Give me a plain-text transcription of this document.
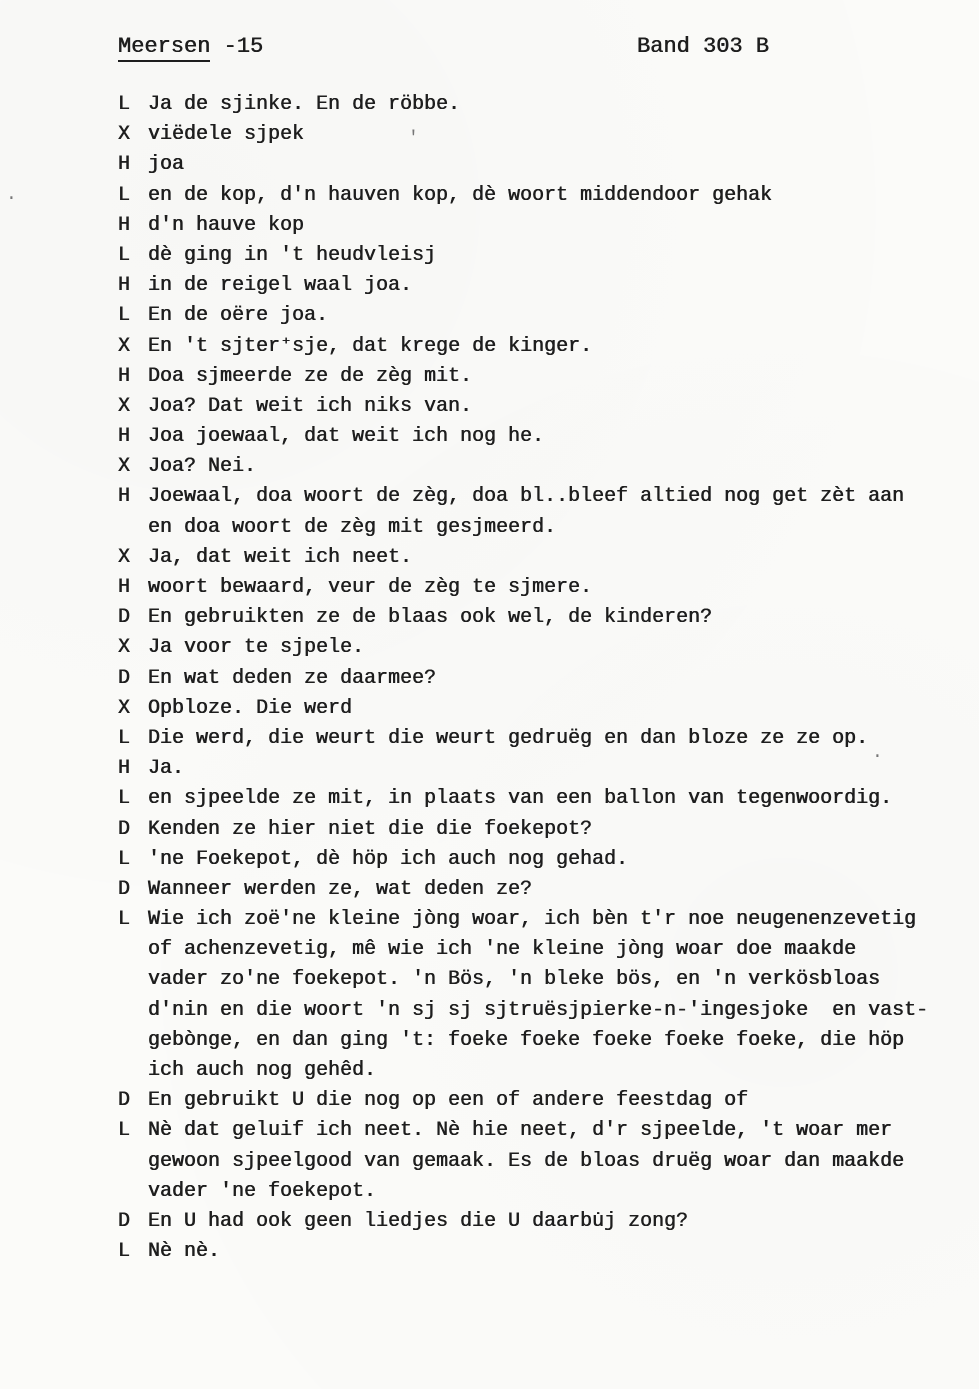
Meersen -15	Band 303 B
L Ja de sjinke. En de röbbe.
X viëdele sjpek
H joa
L en de kop, d'n hauven kop, dè woort middendoor gehak
H d'n hauve kop
L dè ging in 't heudvleisj
H in de reigel waal joa.
L En de oëre joa.
X En 't sjter⁺sje, dat krege de kinger.
H Doa sjmeerde ze de zèg mit.
X Joa? Dat weit ich niks van.
H Joa joewaal, dat weit ich nog he.
X Joa? Nei.
H Joewaal, doa woort de zèg, doa bl..bleef altied nog get zèt aan
en doa woort de zèg mit gesjmeerd.
X Ja, dat weit ich neet.
H woort bewaard, veur de zèg te sjmere.
D En gebruikten ze de blaas ook wel, de kinderen?
X Ja voor te sjpele.
D En wat deden ze daarmee?
X Opbloze. Die werd
L Die werd, die weurt die weurt gedruëg en dan bloze ze ze op.
H Ja.
L en sjpeelde ze mit, in plaats van een ballon van tegenwoordig.
D Kenden ze hier niet die die foekepot?
L 'ne Foekepot, dè höp ich auch nog gehad.
D Wanneer werden ze, wat deden ze?
L Wie ich zoë'ne kleine jòng woar, ich bèn t'r noe neugenenzevetig
of achenzevetig, mê wie ich 'ne kleine jòng woar doe maakde
vader zo'ne foekepot. 'n Bös, 'n bleke bös, en 'n verkösbloas
d'nin en die woort 'n sj sj sjtruësjpierke-n-'ingesjoke  en vast-
gebònge, en dan ging 't: foeke foeke foeke foeke foeke, die höp
ich auch nog gehêd.
D En gebruikt U die nog op een of andere feestdag of
L Nè dat geluif ich neet. Nè hie neet, d'r sjpeelde, 't woar mer
gewoon sjpeelgood van gemaak. Es de bloas druëg woar dan maakde
vader 'ne foekepot.
D En U had ook geen liedjes die U daarbu̇j zong?
L Nè nè.
'
·
·
